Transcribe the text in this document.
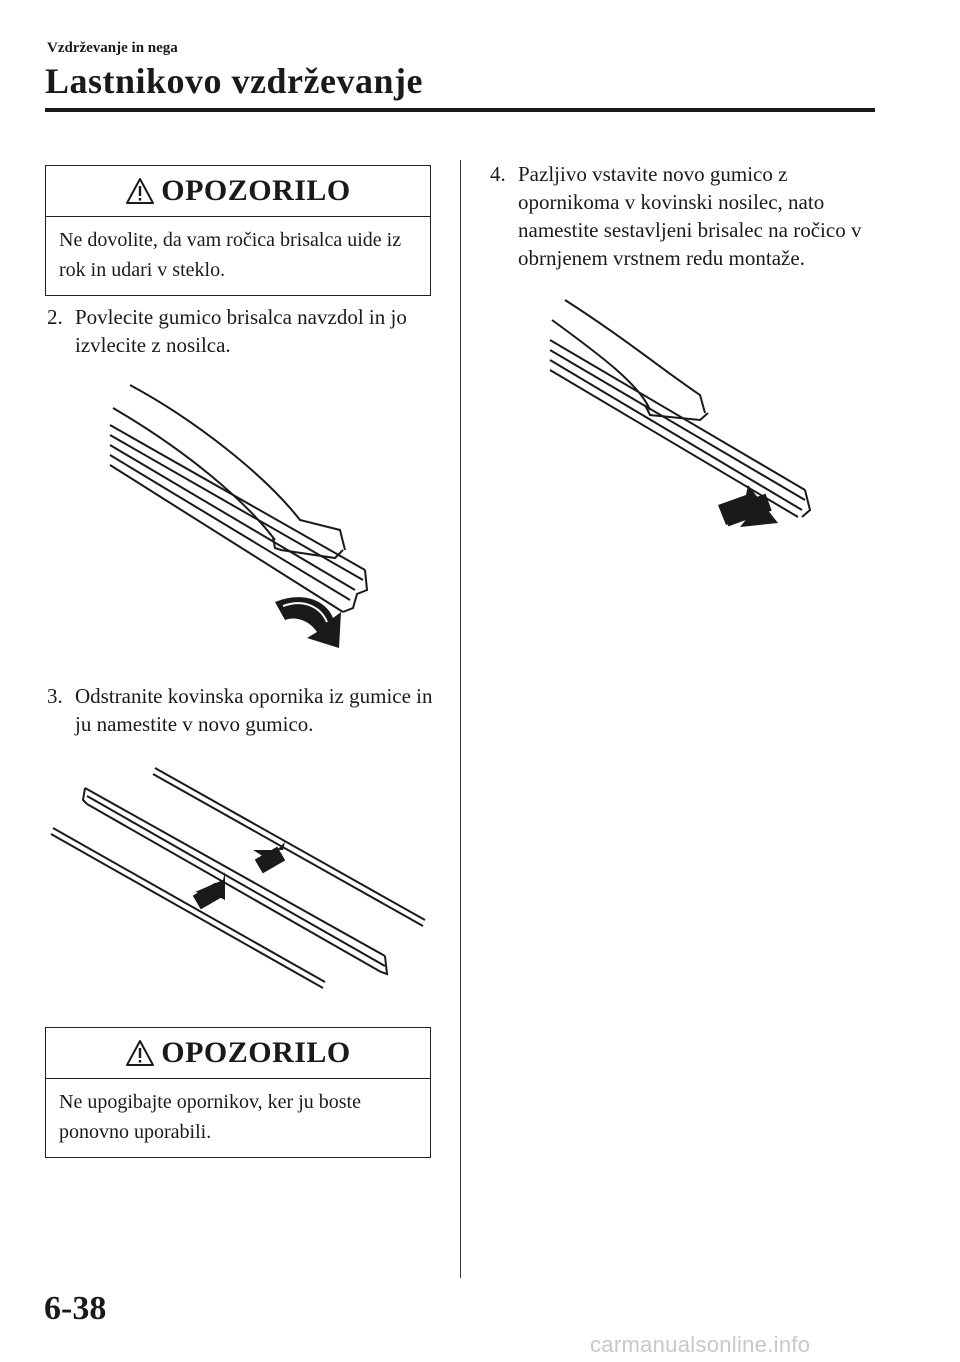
Vzdrževanje in nega
Lastnikovo vzdrževanje
OPOZORILO
Ne dovolite, da vam ročica brisalca uide iz rok in udari v steklo.
2. Povlecite gumico brisalca navzdol in jo izvlecite z nosilca.
3. Odstranite kovinska opornika iz gumice in ju namestite v novo gumico.
OPOZORILO
Ne upogibajte opornikov, ker ju boste ponovno uporabili.
4. Pazljivo vstavite novo gumico z opornikoma v kovinski nosilec, nato namestite sestavljeni brisalec na ročico v obrnjenem vrstnem redu montaže.
6-38
carmanualsonline.info
